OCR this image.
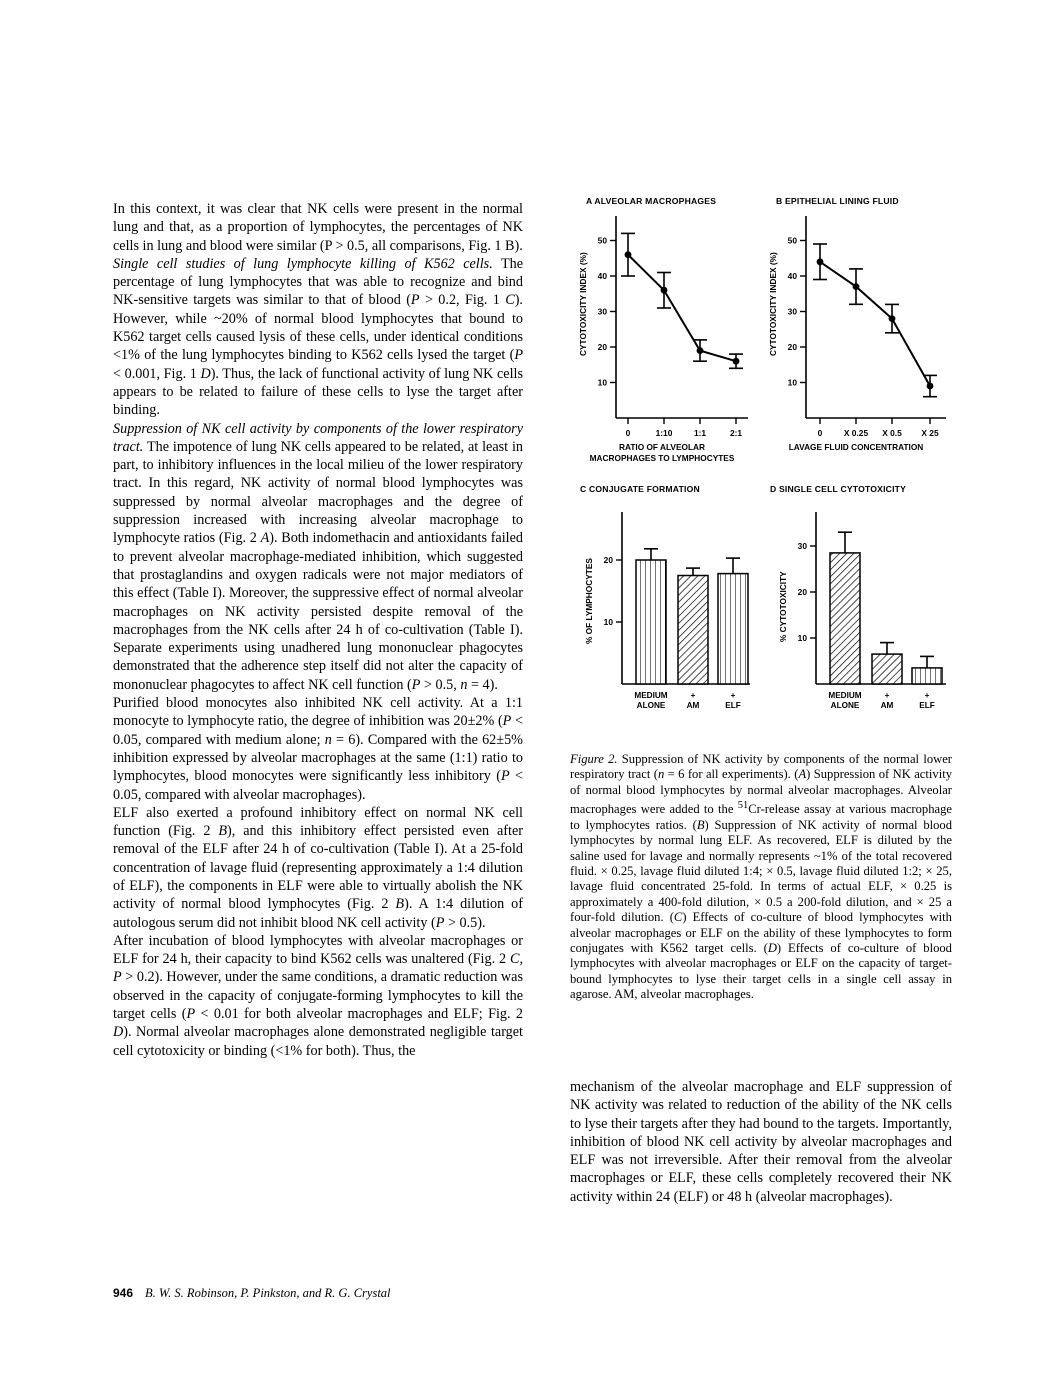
In this context, it was clear that NK cells were present in the normal lung and that, as a proportion of lymphocytes, the percentages of NK cells in lung and blood were similar (P > 0.5, all comparisons, Fig. 1 B).

Single cell studies of lung lymphocyte killing of K562 cells. The percentage of lung lymphocytes that was able to recognize and bind NK-sensitive targets was similar to that of blood (P > 0.2, Fig. 1 C). However, while ~20% of normal blood lymphocytes that bound to K562 target cells caused lysis of these cells, under identical conditions <1% of the lung lymphocytes binding to K562 cells lysed the target (P < 0.001, Fig. 1 D). Thus, the lack of functional activity of lung NK cells appears to be related to failure of these cells to lyse the target after binding.

Suppression of NK cell activity by components of the lower respiratory tract. The impotence of lung NK cells appeared to be related, at least in part, to inhibitory influences in the local milieu of the lower respiratory tract. In this regard, NK activity of normal blood lymphocytes was suppressed by normal alveolar macrophages and the degree of suppression increased with increasing alveolar macrophage to lymphocyte ratios (Fig. 2 A). Both indomethacin and antioxidants failed to prevent alveolar macrophage-mediated inhibition, which suggested that prostaglandins and oxygen radicals were not major mediators of this effect (Table I). Moreover, the suppressive effect of normal alveolar macrophages on NK activity persisted despite removal of the macrophages from the NK cells after 24 h of co-cultivation (Table I). Separate experiments using unadhered lung mononuclear phagocytes demonstrated that the adherence step itself did not alter the capacity of mononuclear phagocytes to affect NK cell function (P > 0.5, n = 4).

Purified blood monocytes also inhibited NK cell activity. At a 1:1 monocyte to lymphocyte ratio, the degree of inhibition was 20±2% (P < 0.05, compared with medium alone; n = 6). Compared with the 62±5% inhibition expressed by alveolar macrophages at the same (1:1) ratio to lymphocytes, blood monocytes were significantly less inhibitory (P < 0.05, compared with alveolar macrophages).

ELF also exerted a profound inhibitory effect on normal NK cell function (Fig. 2 B), and this inhibitory effect persisted even after removal of the ELF after 24 h of co-cultivation (Table I). At a 25-fold concentration of lavage fluid (representing approximately a 1:4 dilution of ELF), the components in ELF were able to virtually abolish the NK activity of normal blood lymphocytes (Fig. 2 B). A 1:4 dilution of autologous serum did not inhibit blood NK cell activity (P > 0.5).

After incubation of blood lymphocytes with alveolar macrophages or ELF for 24 h, their capacity to bind K562 cells was unaltered (Fig. 2 C, P > 0.2). However, under the same conditions, a dramatic reduction was observed in the capacity of conjugate-forming lymphocytes to kill the target cells (P < 0.01 for both alveolar macrophages and ELF; Fig. 2 D). Normal alveolar macrophages alone demonstrated negligible target cell cytotoxicity or binding (<1% for both). Thus, the

A ALVEOLAR MACROPHAGES
10
20
30
40
50
0	1:10	1:1	2:1
CYTOTOXICITY INDEX (%)
RATIO OF ALVEOLAR
MACROPHAGES TO LYMPHOCYTES
B EPITHELIAL LINING FLUID
10
20
30
40
50
0	X 0.25 X 0.5 X 25
CYTOTOXICITY INDEX (%)
LAVAGE FLUID CONCENTRATION
C CONJUGATE FORMATION
10
20
MEDIUM
ALONE
+
AM
+
ELF
% OF LYMPHOCYTES
D SINGLE CELL CYTOTOXICITY
10
20
30
MEDIUM
ALONE
+
AM
+
ELF
% CYTOTOXICITY
Figure 2. Suppression of NK activity by components of the normal lower respiratory tract (n = 6 for all experiments). (A) Suppression of NK activity of normal blood lymphocytes by normal alveolar macrophages. Alveolar macrophages were added to the $^{51}$Cr-release assay at various macrophage to lymphocytes ratios. (B) Suppression of NK activity of normal blood lymphocytes by normal lung ELF. As recovered, ELF is diluted by the saline used for lavage and normally represents ~1% of the total recovered fluid. × 0.25, lavage fluid diluted 1:4; × 0.5, lavage fluid diluted 1:2; × 25, lavage fluid concentrated 25-fold. In terms of actual ELF, × 0.25 is approximately a 400-fold dilution, × 0.5 a 200-fold dilution, and × 25 a four-fold dilution. (C) Effects of co-culture of blood lymphocytes with alveolar macrophages or ELF on the ability of these lymphocytes to form conjugates with K562 target cells. (D) Effects of co-culture of blood lymphocytes with alveolar macrophages or ELF on the capacity of target-bound lymphocytes to lyse their target cells in a single cell assay in agarose. AM, alveolar macrophages.

mechanism of the alveolar macrophage and ELF suppression of NK activity was related to reduction of the ability of the NK cells to lyse their targets after they had bound to the targets. Importantly, inhibition of blood NK cell activity by alveolar macrophages and ELF was not irreversible. After their removal from the alveolar macrophages or ELF, these cells completely recovered their NK activity within 24 (ELF) or 48 h (alveolar macrophages).

946 B. W. S. Robinson, P. Pinkston, and R. G. Crystal
